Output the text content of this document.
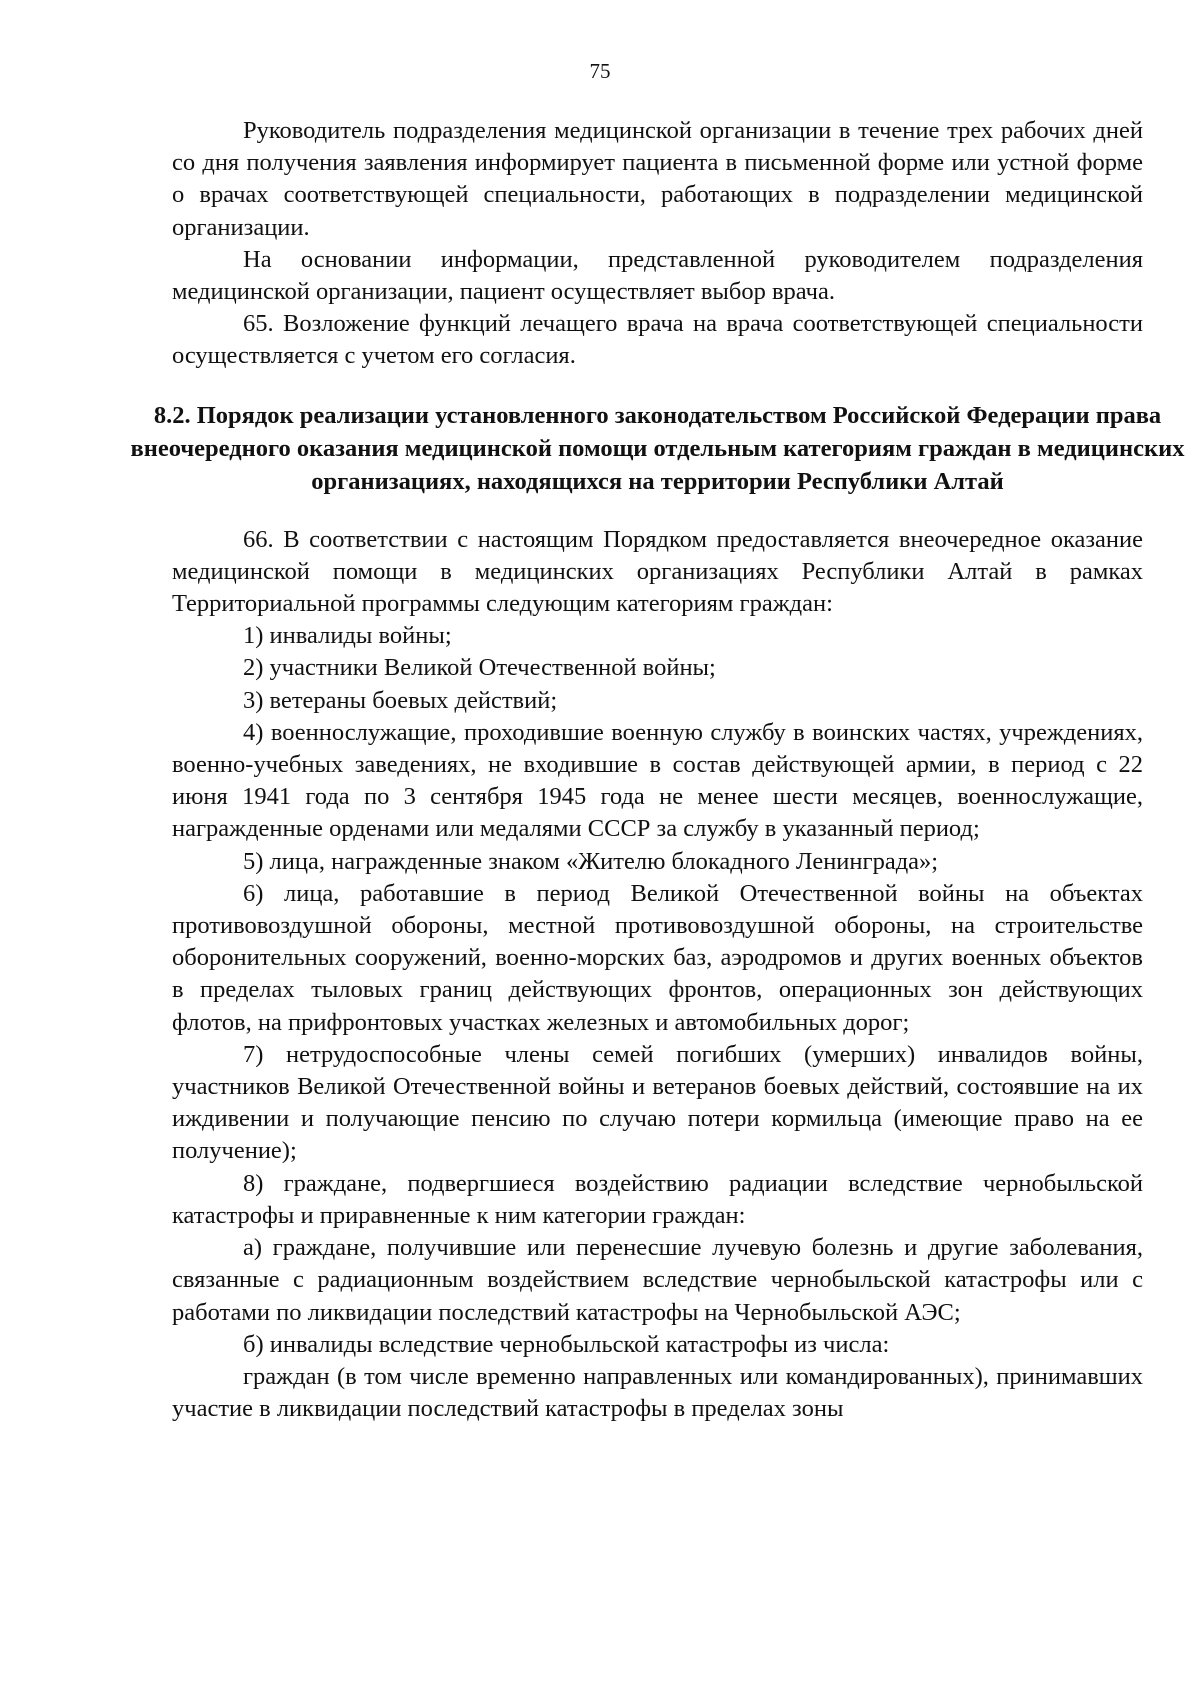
75

Руководитель подразделения медицинской организации в течение трех рабочих дней со дня получения заявления информирует пациента в письменной форме или устной форме о врачах соответствующей специальности, работающих в подразделении медицинской организации.

На основании информации, представленной руководителем подразделения медицинской организации, пациент осуществляет выбор врача.

65. Возложение функций лечащего врача на врача соответствующей специальности осуществляется с учетом его согласия.

8.2. Порядок реализации установленного законодательством Российской Федерации права внеочередного оказания медицинской помощи отдельным категориям граждан в медицинских организациях, находящихся на территории Республики Алтай

66. В соответствии с настоящим Порядком предоставляется внеочередное оказание медицинской помощи в медицинских организациях Республики Алтай в рамках Территориальной программы следующим категориям граждан:

1) инвалиды войны;

2) участники Великой Отечественной войны;

3) ветераны боевых действий;

4) военнослужащие, проходившие военную службу в воинских частях, учреждениях, военно-учебных заведениях, не входившие в состав действующей армии, в период с 22 июня 1941 года по 3 сентября 1945 года не менее шести месяцев, военнослужащие, награжденные орденами или медалями СССР за службу в указанный период;

5) лица, награжденные знаком «Жителю блокадного Ленинграда»;

6) лица, работавшие в период Великой Отечественной войны на объектах противовоздушной обороны, местной противовоздушной обороны, на строительстве оборонительных сооружений, военно-морских баз, аэродромов и других военных объектов в пределах тыловых границ действующих фронтов, операционных зон действующих флотов, на прифронтовых участках железных и автомобильных дорог;

7) нетрудоспособные члены семей погибших (умерших) инвалидов войны, участников Великой Отечественной войны и ветеранов боевых действий, состоявшие на их иждивении и получающие пенсию по случаю потери кормильца (имеющие право на ее получение);

8) граждане, подвергшиеся воздействию радиации вследствие чернобыльской катастрофы и приравненные к ним категории граждан:

а) граждане, получившие или перенесшие лучевую болезнь и другие заболевания, связанные с радиационным воздействием вследствие чернобыльской катастрофы или с работами по ликвидации последствий катастрофы на Чернобыльской АЭС;

б) инвалиды вследствие чернобыльской катастрофы из числа:

граждан (в том числе временно направленных или командированных), принимавших участие в ликвидации последствий катастрофы в пределах зоны
